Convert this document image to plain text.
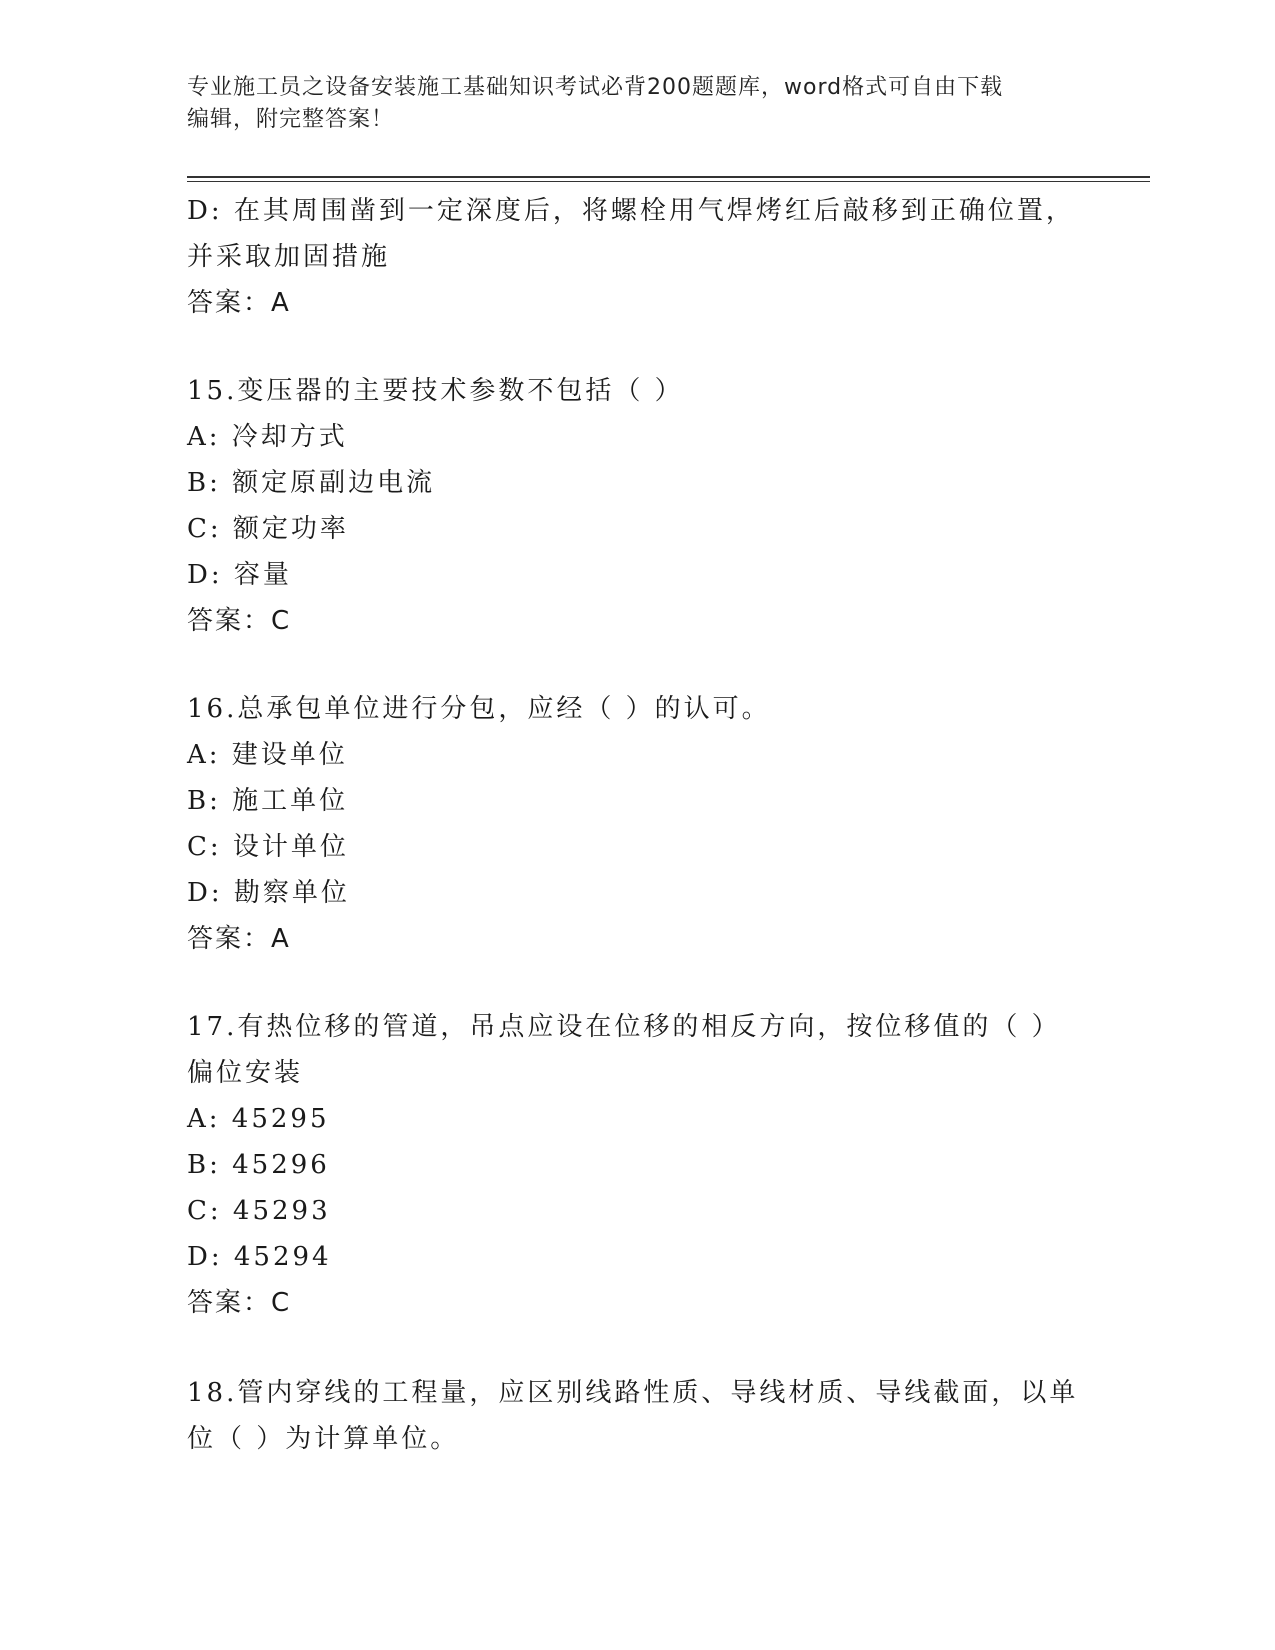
专业施工员之设备安装施工基础知识考试必背200题题库，word格式可自由下载
编辑，附完整答案！
D: 在其周围凿到一定深度后，将螺栓用气焊烤红后敲移到正确位置，
并采取加固措施
答案：A
15.变压器的主要技术参数不包括（ ）
A: 冷却方式
B: 额定原副边电流
C: 额定功率
D: 容量
答案：C
16.总承包单位进行分包，应经（ ）的认可。
A: 建设单位
B: 施工单位
C: 设计单位
D: 勘察单位
答案：A
17.有热位移的管道，吊点应设在位移的相反方向，按位移值的（ ）
偏位安装
A: 45295
B: 45296
C: 45293
D: 45294
答案：C
18.管内穿线的工程量，应区别线路性质、导线材质、导线截面，以单
位（ ）为计算单位。
